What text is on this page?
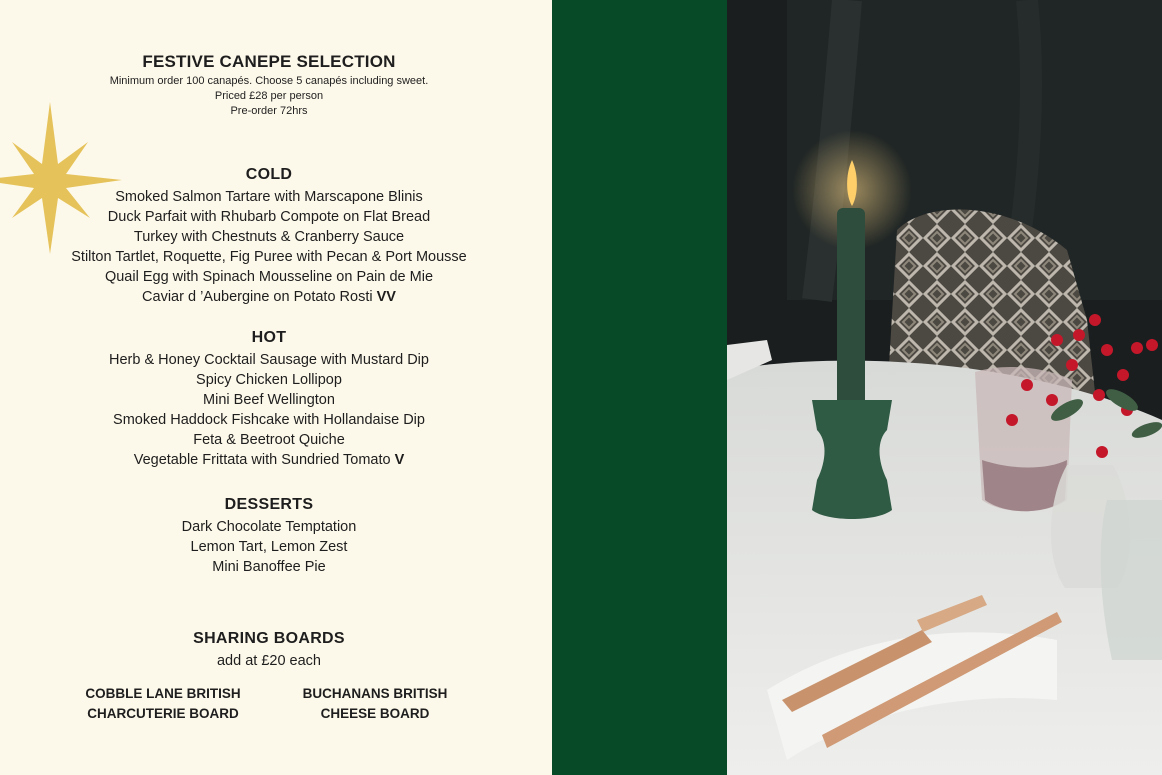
FESTIVE CANEPE SELECTION
Minimum order 100 canapés. Choose 5 canapés including sweet.
Priced £28 per person
Pre-order 72hrs
COLD
Smoked Salmon Tartare with Marscapone Blinis
Duck Parfait with Rhubarb Compote on Flat Bread
Turkey with Chestnuts & Cranberry Sauce
Stilton Tartlet, Roquette, Fig Puree with Pecan & Port Mousse
Quail Egg with Spinach Mousseline on Pain de Mie
Caviar d ’Aubergine on Potato Rosti VV
HOT
Herb & Honey Cocktail Sausage with Mustard Dip
Spicy Chicken Lollipop
Mini Beef Wellington
Smoked Haddock Fishcake with Hollandaise Dip
Feta & Beetroot Quiche
Vegetable Frittata with Sundried Tomato V
DESSERTS
Dark Chocolate Temptation
Lemon Tart, Lemon Zest
Mini Banoffee Pie
SHARING BOARDS
add at £20 each
COBBLE LANE BRITISH
CHARCUTERIE BOARD
BUCHANANS BRITISH
CHEESE BOARD
